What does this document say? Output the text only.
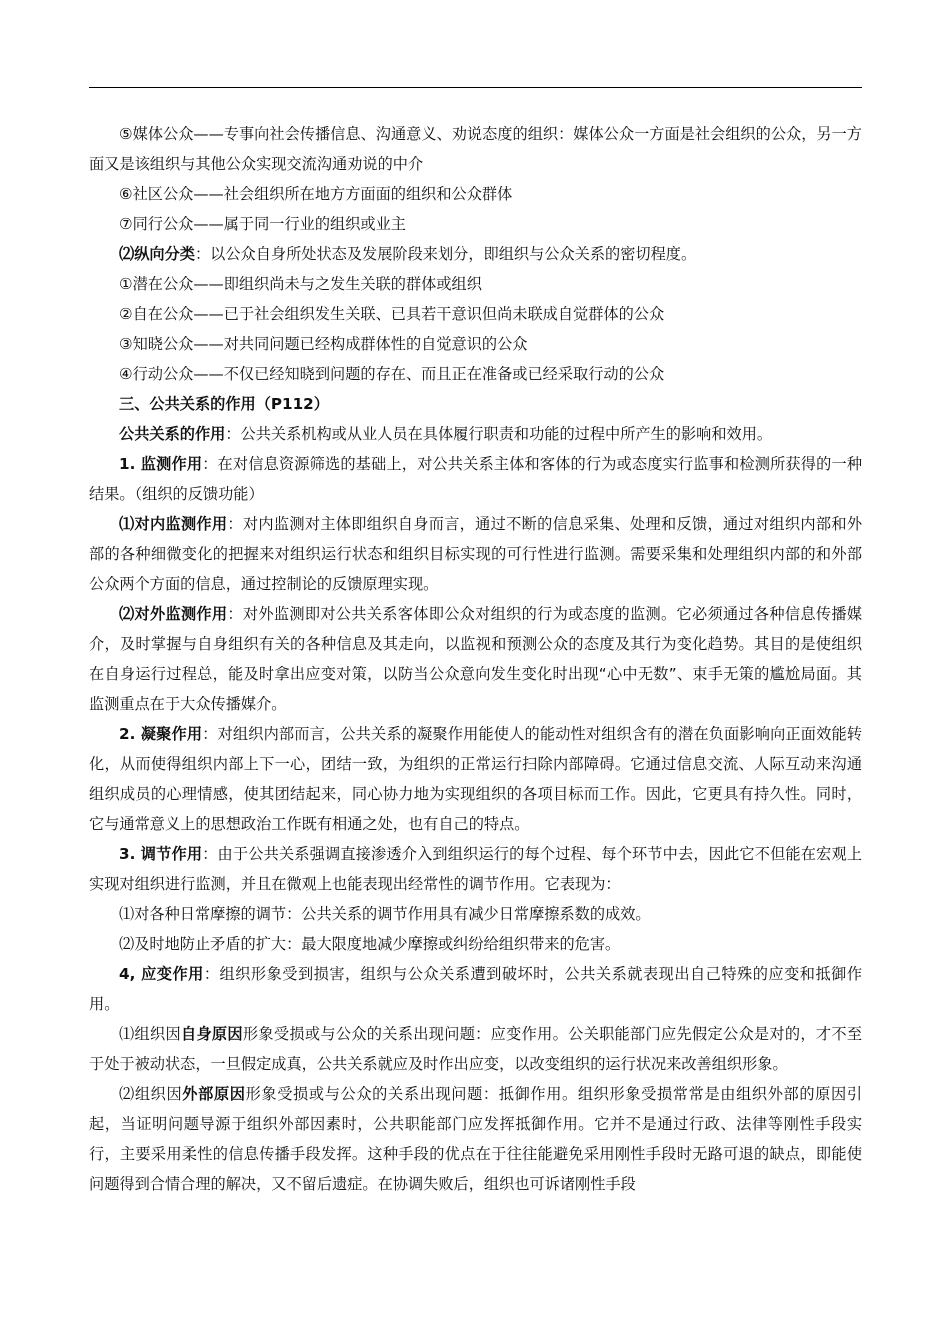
⑤媒体公众——专事向社会传播信息、沟通意义、劝说态度的组织：媒体公众一方面是社会组织的公众，另一方面又是该组织与其他公众实现交流沟通劝说的中介

⑥社区公众——社会组织所在地方方面面的组织和公众群体

⑦同行公众——属于同一行业的组织或业主

⑵纵向分类：以公众自身所处状态及发展阶段来划分，即组织与公众关系的密切程度。

①潜在公众——即组织尚未与之发生关联的群体或组织

②自在公众——已于社会组织发生关联、已具若干意识但尚未联成自觉群体的公众

③知晓公众——对共同问题已经构成群体性的自觉意识的公众

④行动公众——不仅已经知晓到问题的存在、而且正在准备或已经采取行动的公众

三、公共关系的作用（P112）

公共关系的作用：公共关系机构或从业人员在具体履行职责和功能的过程中所产生的影响和效用。

1. 监测作用：在对信息资源筛选的基础上，对公共关系主体和客体的行为或态度实行监事和检测所获得的一种结果。（组织的反馈功能）

⑴对内监测作用：对内监测对主体即组织自身而言，通过不断的信息采集、处理和反馈，通过对组织内部和外部的各种细微变化的把握来对组织运行状态和组织目标实现的可行性进行监测。需要采集和处理组织内部的和外部公众两个方面的信息，通过控制论的反馈原理实现。

⑵对外监测作用：对外监测即对公共关系客体即公众对组织的行为或态度的监测。它必须通过各种信息传播媒介，及时掌握与自身组织有关的各种信息及其走向，以监视和预测公众的态度及其行为变化趋势。其目的是使组织在自身运行过程总，能及时拿出应变对策，以防当公众意向发生变化时出现“心中无数”、束手无策的尴尬局面。其监测重点在于大众传播媒介。

2. 凝聚作用：对组织内部而言，公共关系的凝聚作用能使人的能动性对组织含有的潜在负面影响向正面效能转化，从而使得组织内部上下一心，团结一致，为组织的正常运行扫除内部障碍。它通过信息交流、人际互动来沟通组织成员的心理情感，使其团结起来，同心协力地为实现组织的各项目标而工作。因此，它更具有持久性。同时，它与通常意义上的思想政治工作既有相通之处，也有自己的特点。

3. 调节作用：由于公共关系强调直接渗透介入到组织运行的每个过程、每个环节中去，因此它不但能在宏观上实现对组织进行监测，并且在微观上也能表现出经常性的调节作用。它表现为：

⑴对各种日常摩擦的调节：公共关系的调节作用具有减少日常摩擦系数的成效。

⑵及时地防止矛盾的扩大：最大限度地减少摩擦或纠纷给组织带来的危害。

4, 应变作用：组织形象受到损害，组织与公众关系遭到破坏时，公共关系就表现出自己特殊的应变和抵御作用。

⑴组织因自身原因形象受损或与公众的关系出现问题：应变作用。公关职能部门应先假定公众是对的，才不至于处于被动状态，一旦假定成真，公共关系就应及时作出应变，以改变组织的运行状况来改善组织形象。

⑵组织因外部原因形象受损或与公众的关系出现问题：抵御作用。组织形象受损常常是由组织外部的原因引起，当证明问题导源于组织外部因素时，公共职能部门应发挥抵御作用。它并不是通过行政、法律等刚性手段实行，主要采用柔性的信息传播手段发挥。这种手段的优点在于往往能避免采用刚性手段时无路可退的缺点，即能使问题得到合情合理的解决，又不留后遗症。在协调失败后，组织也可诉诸刚性手段
